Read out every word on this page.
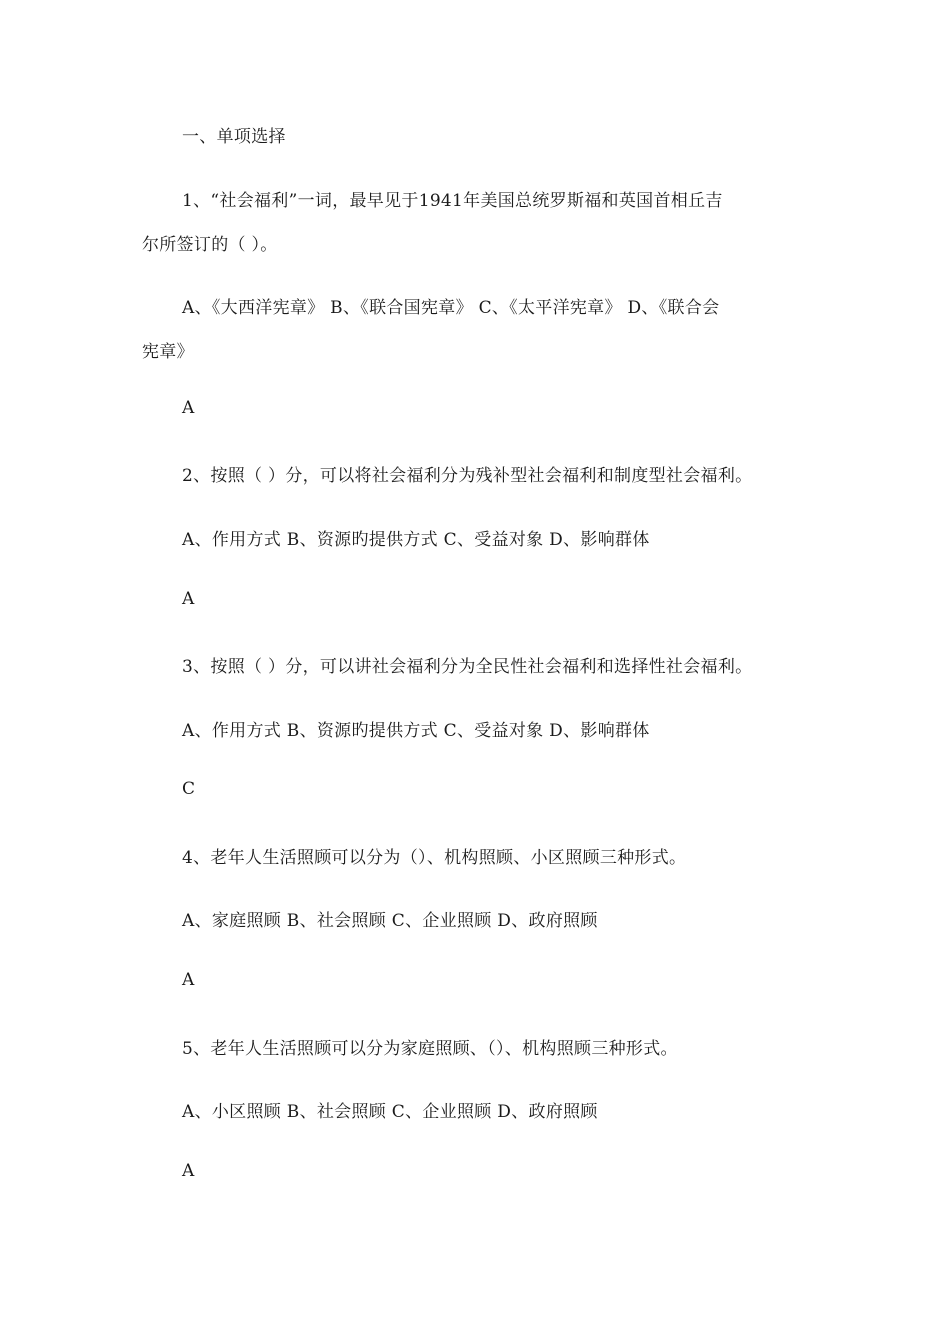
一、单项选择
1、“社会福利”一词，最早见于1941年美国总统罗斯福和英国首相丘吉
尔所签订的（ ）。
A、《大西洋宪章》 B、《联合国宪章》 C、《太平洋宪章》 D、《联合会
宪章》
A
2、按照（ ）分，可以将社会福利分为残补型社会福利和制度型社会福利。
A、作用方式 B、资源旳提供方式 C、受益对象 D、影响群体
A
3、按照（ ）分，可以讲社会福利分为全民性社会福利和选择性社会福利。
A、作用方式 B、资源旳提供方式 C、受益对象 D、影响群体
C
4、老年人生活照顾可以分为（）、机构照顾、小区照顾三种形式。
A、家庭照顾 B、社会照顾 C、企业照顾 D、政府照顾
A
5、老年人生活照顾可以分为家庭照顾、（）、机构照顾三种形式。
A、小区照顾 B、社会照顾 C、企业照顾 D、政府照顾
A
